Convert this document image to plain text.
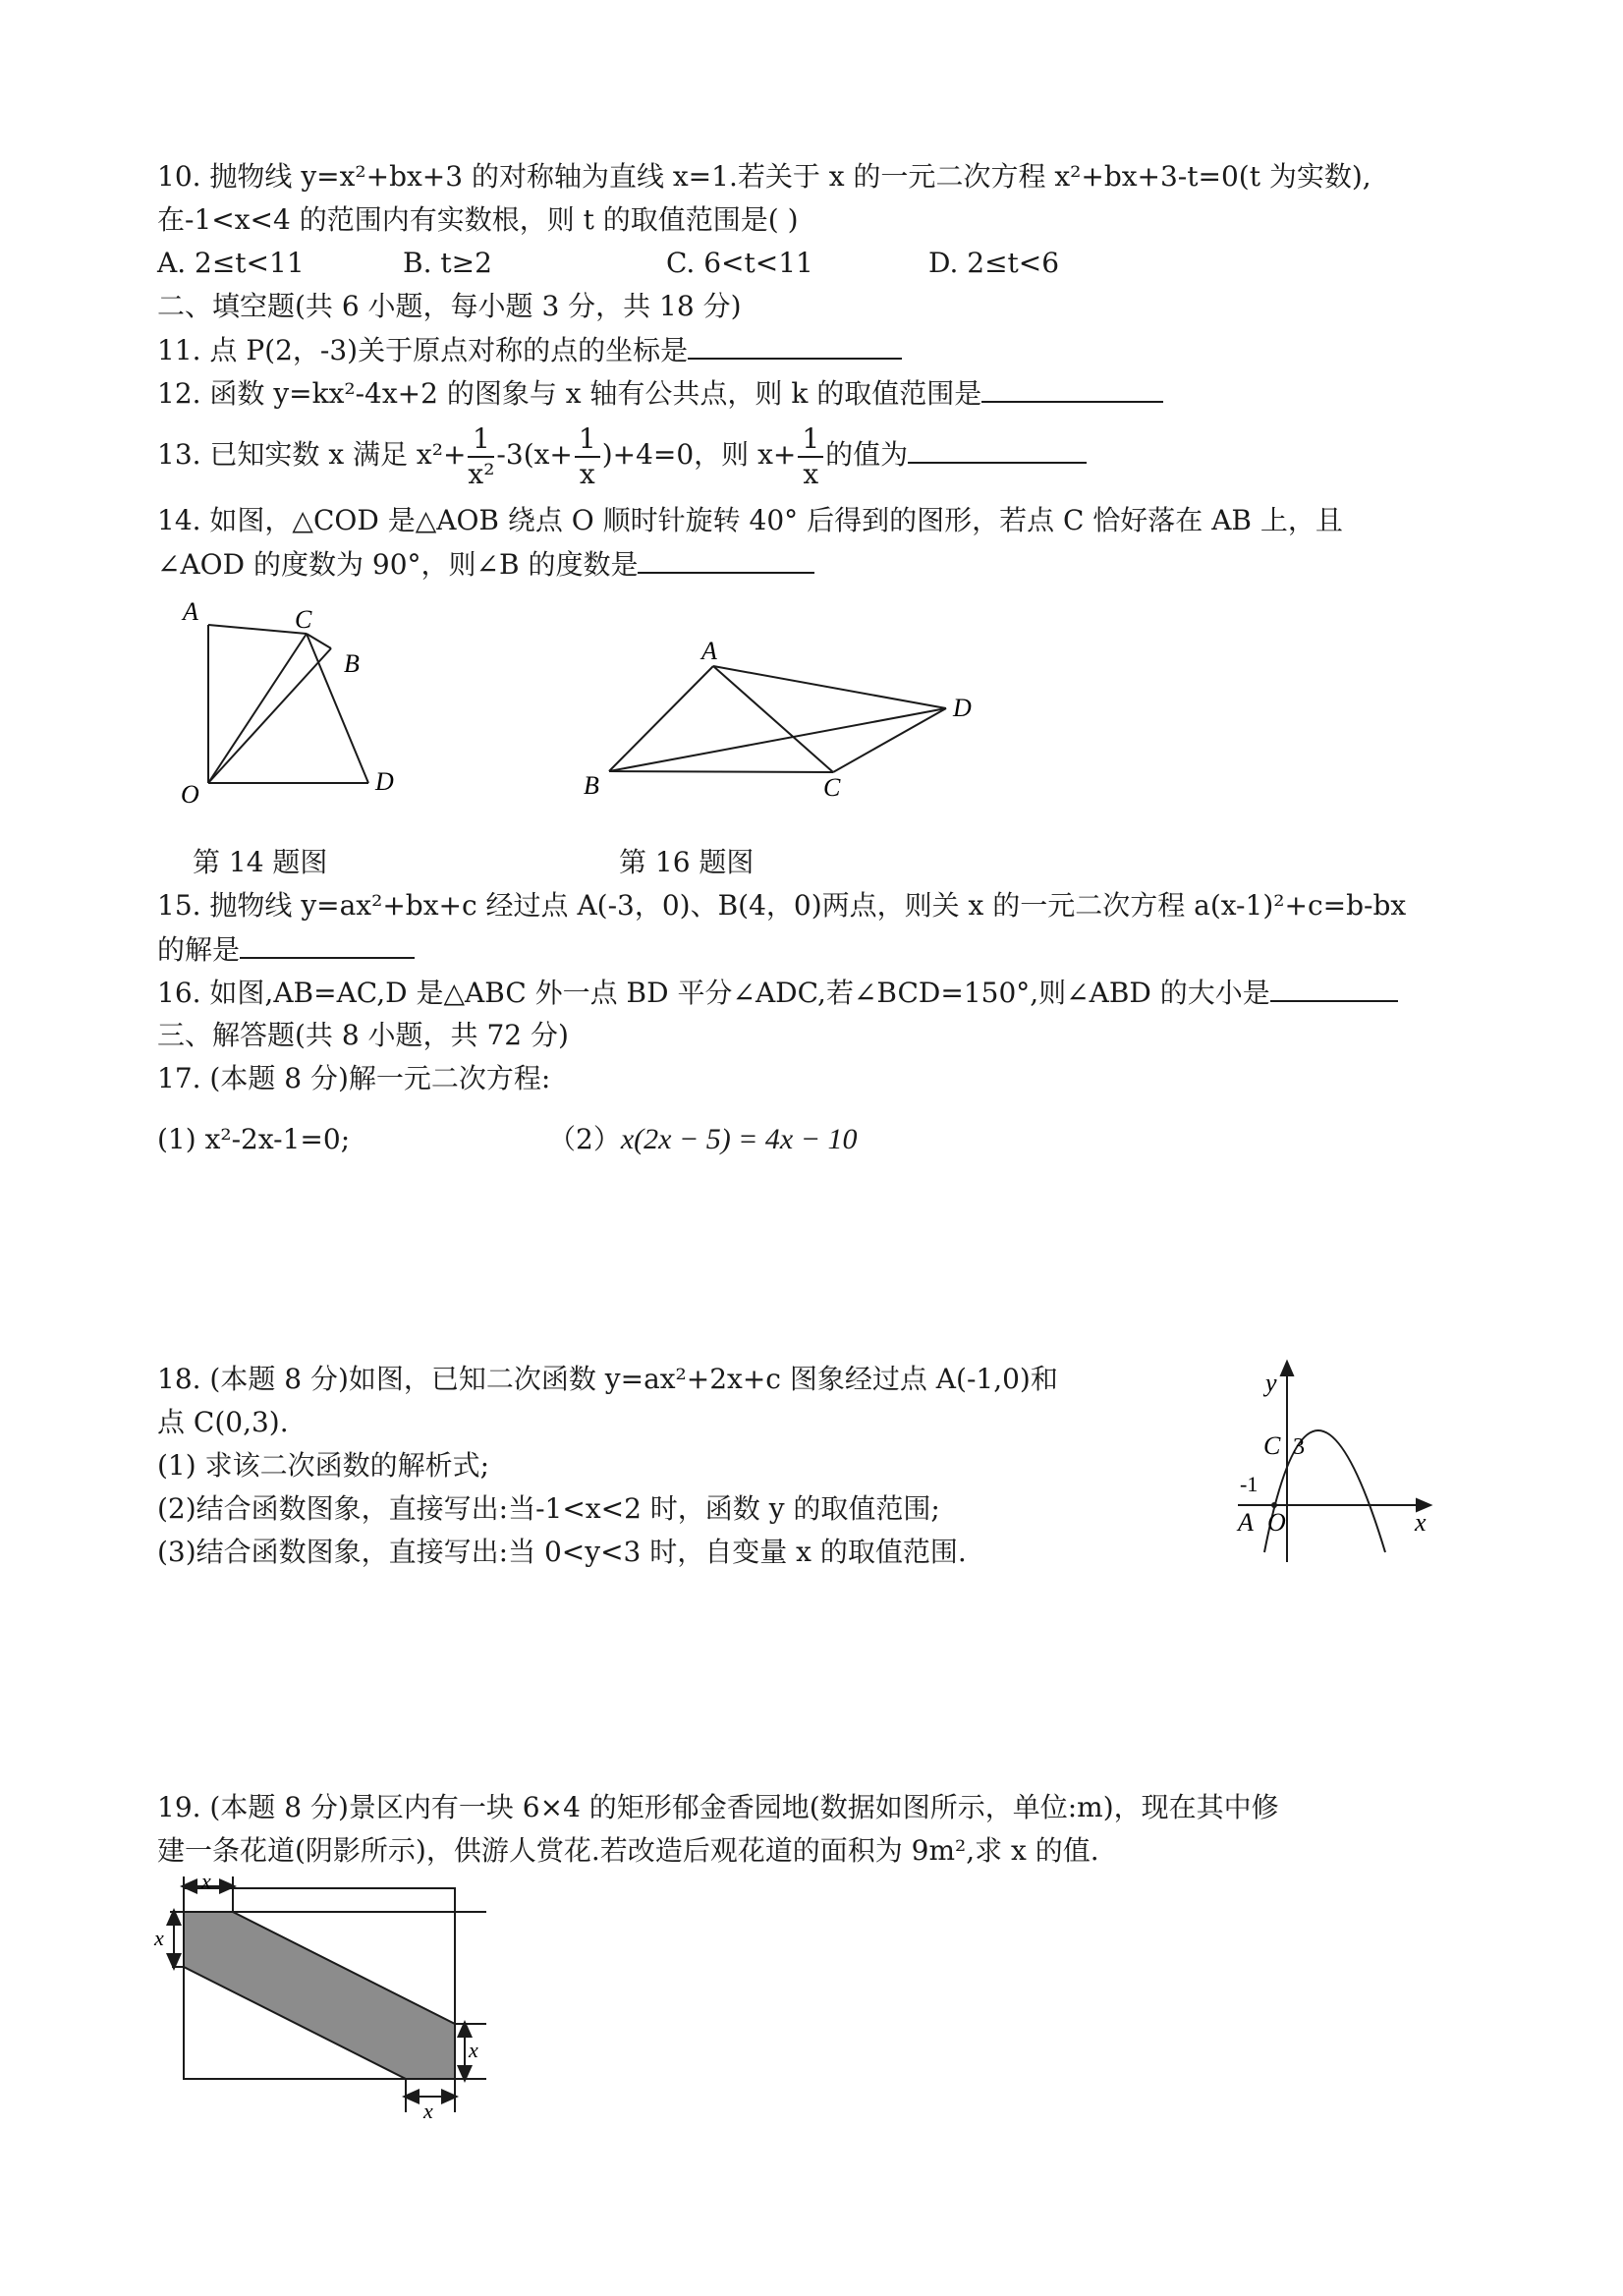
10. 抛物线 y=x²+bx+3 的对称轴为直线 x=1.若关于 x 的一元二次方程 x²+bx+3-t=0(t 为实数),
在-1<x<4 的范围内有实数根，则 t 的取值范围是( )
A. 2≤t<11	B. t≥2	C. 6<t<11	D. 2≤t<6
二、填空题(共 6 小题，每小题 3 分，共 18 分)
11. 点 P(2，-3)关于原点对称的点的坐标是
12. 函数 y=kx²-4x+2 的图象与 x 轴有公共点，则 k 的取值范围是
13. 已知实数 x 满足 $x^2+ \frac{1}{\text{x²}} -3(x+ \frac{1}{x} )+4=0$，则 $x+ \frac{1}{x}$ 的值为
14. 如图，△COD 是△AOB 绕点 O 顺时针旋转 40° 后得到的图形，若点 C 恰好落在 AB 上，且
∠AOD 的度数为 90°，则∠B 的度数是
A	C
B
O	D
A
B	C
D
第 14 题图	第 16 题图
15. 抛物线 y=ax²+bx+c 经过点 A(-3，0)、B(4，0)两点，则关 x 的一元二次方程 a(x-1)²+c=b-bx
的解是
16. 如图,AB=AC,D 是△ABC 外一点 BD 平分∠ADC,若∠BCD=150°,则∠ABD 的大小是
三、解答题(共 8 小题，共 72 分)
17. (本题 8 分)解一元二次方程:
(1) x²-2x-1=0;	（2）x(2x − 5) = 4x − 10
18. (本题 8 分)如图，已知二次函数 y=ax²+2x+c 图象经过点 A(-1,0)和
点 C(0,3).
(1) 求该二次函数的解析式;
(2)结合函数图象，直接写出:当-1<x<2 时，函数 y 的取值范围;
(3)结合函数图象，直接写出:当 0<y<3 时，自变量 x 的取值范围.
y
x
C 3
-1
A O
19. (本题 8 分)景区内有一块 6×4 的矩形郁金香园地(数据如图所示，单位:m)，现在其中修
建一条花道(阴影所示)，供游人赏花.若改造后观花道的面积为 9m²,求 x 的值.
x
x
x
x
